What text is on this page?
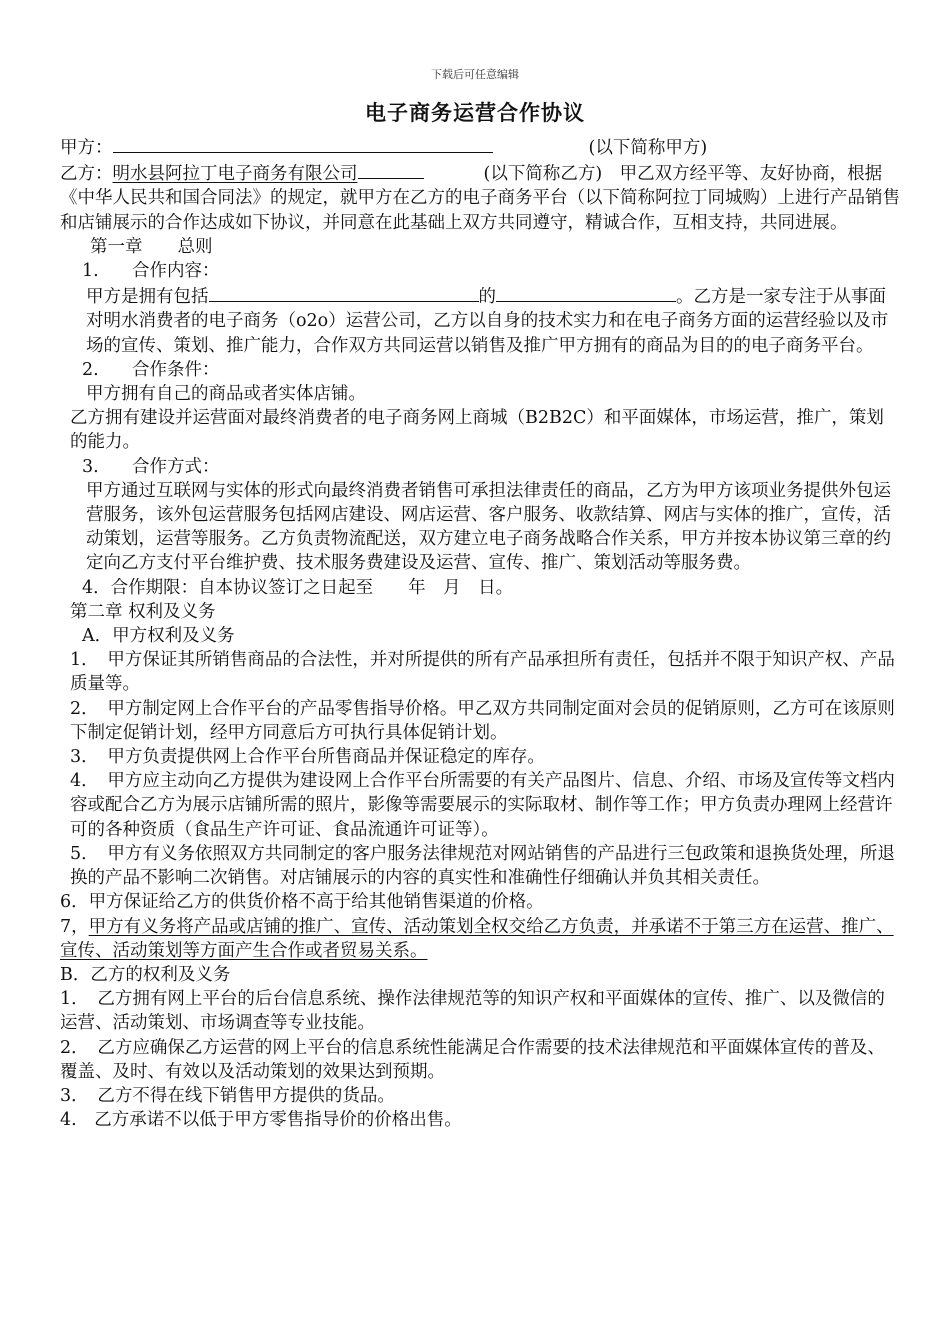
下载后可任意编辑
电子商务运营合作协议

甲方：	(以下简称甲方)

乙方：明水县阿拉丁电子商务有限公司	(以下简称乙方)　 甲乙双方经平等、友好协商，根据《中华人民共和国合同法》的规定，就甲方在乙方的电子商务平台（以下简称阿拉丁同城购）上进行产品销售和店铺展示的合作达成如下协议，并同意在此基础上双方共同遵守，精诚合作，互相支持，共同进展。

第一章　　总则

1. 合作内容：

甲方是拥有包括	的	。乙方是一家专注于从事面对明水消费者的电子商务（o2o）运营公司，乙方以自身的技术实力和在电子商务方面的运营经验以及市场的宣传、策划、推广能力，合作双方共同运营以销售及推广甲方拥有的商品为目的的电子商务平台。

2. 合作条件：

甲方拥有自己的商品或者实体店铺。

乙方拥有建设并运营面对最终消费者的电子商务网上商城（B2B2C）和平面媒体，市场运营，推广，策划的能力。

3. 合作方式：

甲方通过互联网与实体的形式向最终消费者销售可承担法律责任的商品，乙方为甲方该项业务提供外包运营服务，该外包运营服务包括网店建设、网店运营、客户服务、收款结算、网店与实体的推广，宣传，活动策划，运营等服务。乙方负责物流配送，双方建立电子商务战略合作关系，甲方并按本协议第三章的约定向乙方支付平台维护费、技术服务费建设及运营、宣传、推广、策划活动等服务费。

4．合作期限：自本协议签订之日起至　　年　月　日。

第二章 权利及义务

A．甲方权利及义务

1．　甲方保证其所销售商品的合法性，并对所提供的所有产品承担所有责任，包括并不限于知识产权、产品质量等。

2．　甲方制定网上合作平台的产品零售指导价格。甲乙双方共同制定面对会员的促销原则，乙方可在该原则下制定促销计划，经甲方同意后方可执行具体促销计划。

3．　甲方负责提供网上合作平台所售商品并保证稳定的库存。

4．　甲方应主动向乙方提供为建设网上合作平台所需要的有关产品图片、信息、介绍、市场及宣传等文档内容或配合乙方为展示店铺所需的照片，影像等需要展示的实际取材、制作等工作；甲方负责办理网上经营许可的各种资质（食品生产许可证、食品流通许可证等）。

5．　甲方有义务依照双方共同制定的客户服务法律规范对网站销售的产品进行三包政策和退换货处理，所退换的产品不影响二次销售。对店铺展示的内容的真实性和准确性仔细确认并负其相关责任。

6．甲方保证给乙方的供货价格不高于给其他销售渠道的价格。

7，甲方有义务将产品或店铺的推广、宣传、活动策划全权交给乙方负责，并承诺不于第三方在运营、推广、宣传、活动策划等方面产生合作或者贸易关系。

B．乙方的权利及义务

1．　乙方拥有网上平台的后台信息系统、操作法律规范等的知识产权和平面媒体的宣传、推广、以及微信的运营、活动策划、市场调查等专业技能。

2．　乙方应确保乙方运营的网上平台的信息系统性能满足合作需要的技术法律规范和平面媒体宣传的普及、覆盖、及时、有效以及活动策划的效果达到预期。

3．　乙方不得在线下销售甲方提供的货品。

4.　乙方承诺不以低于甲方零售指导价的价格出售。
